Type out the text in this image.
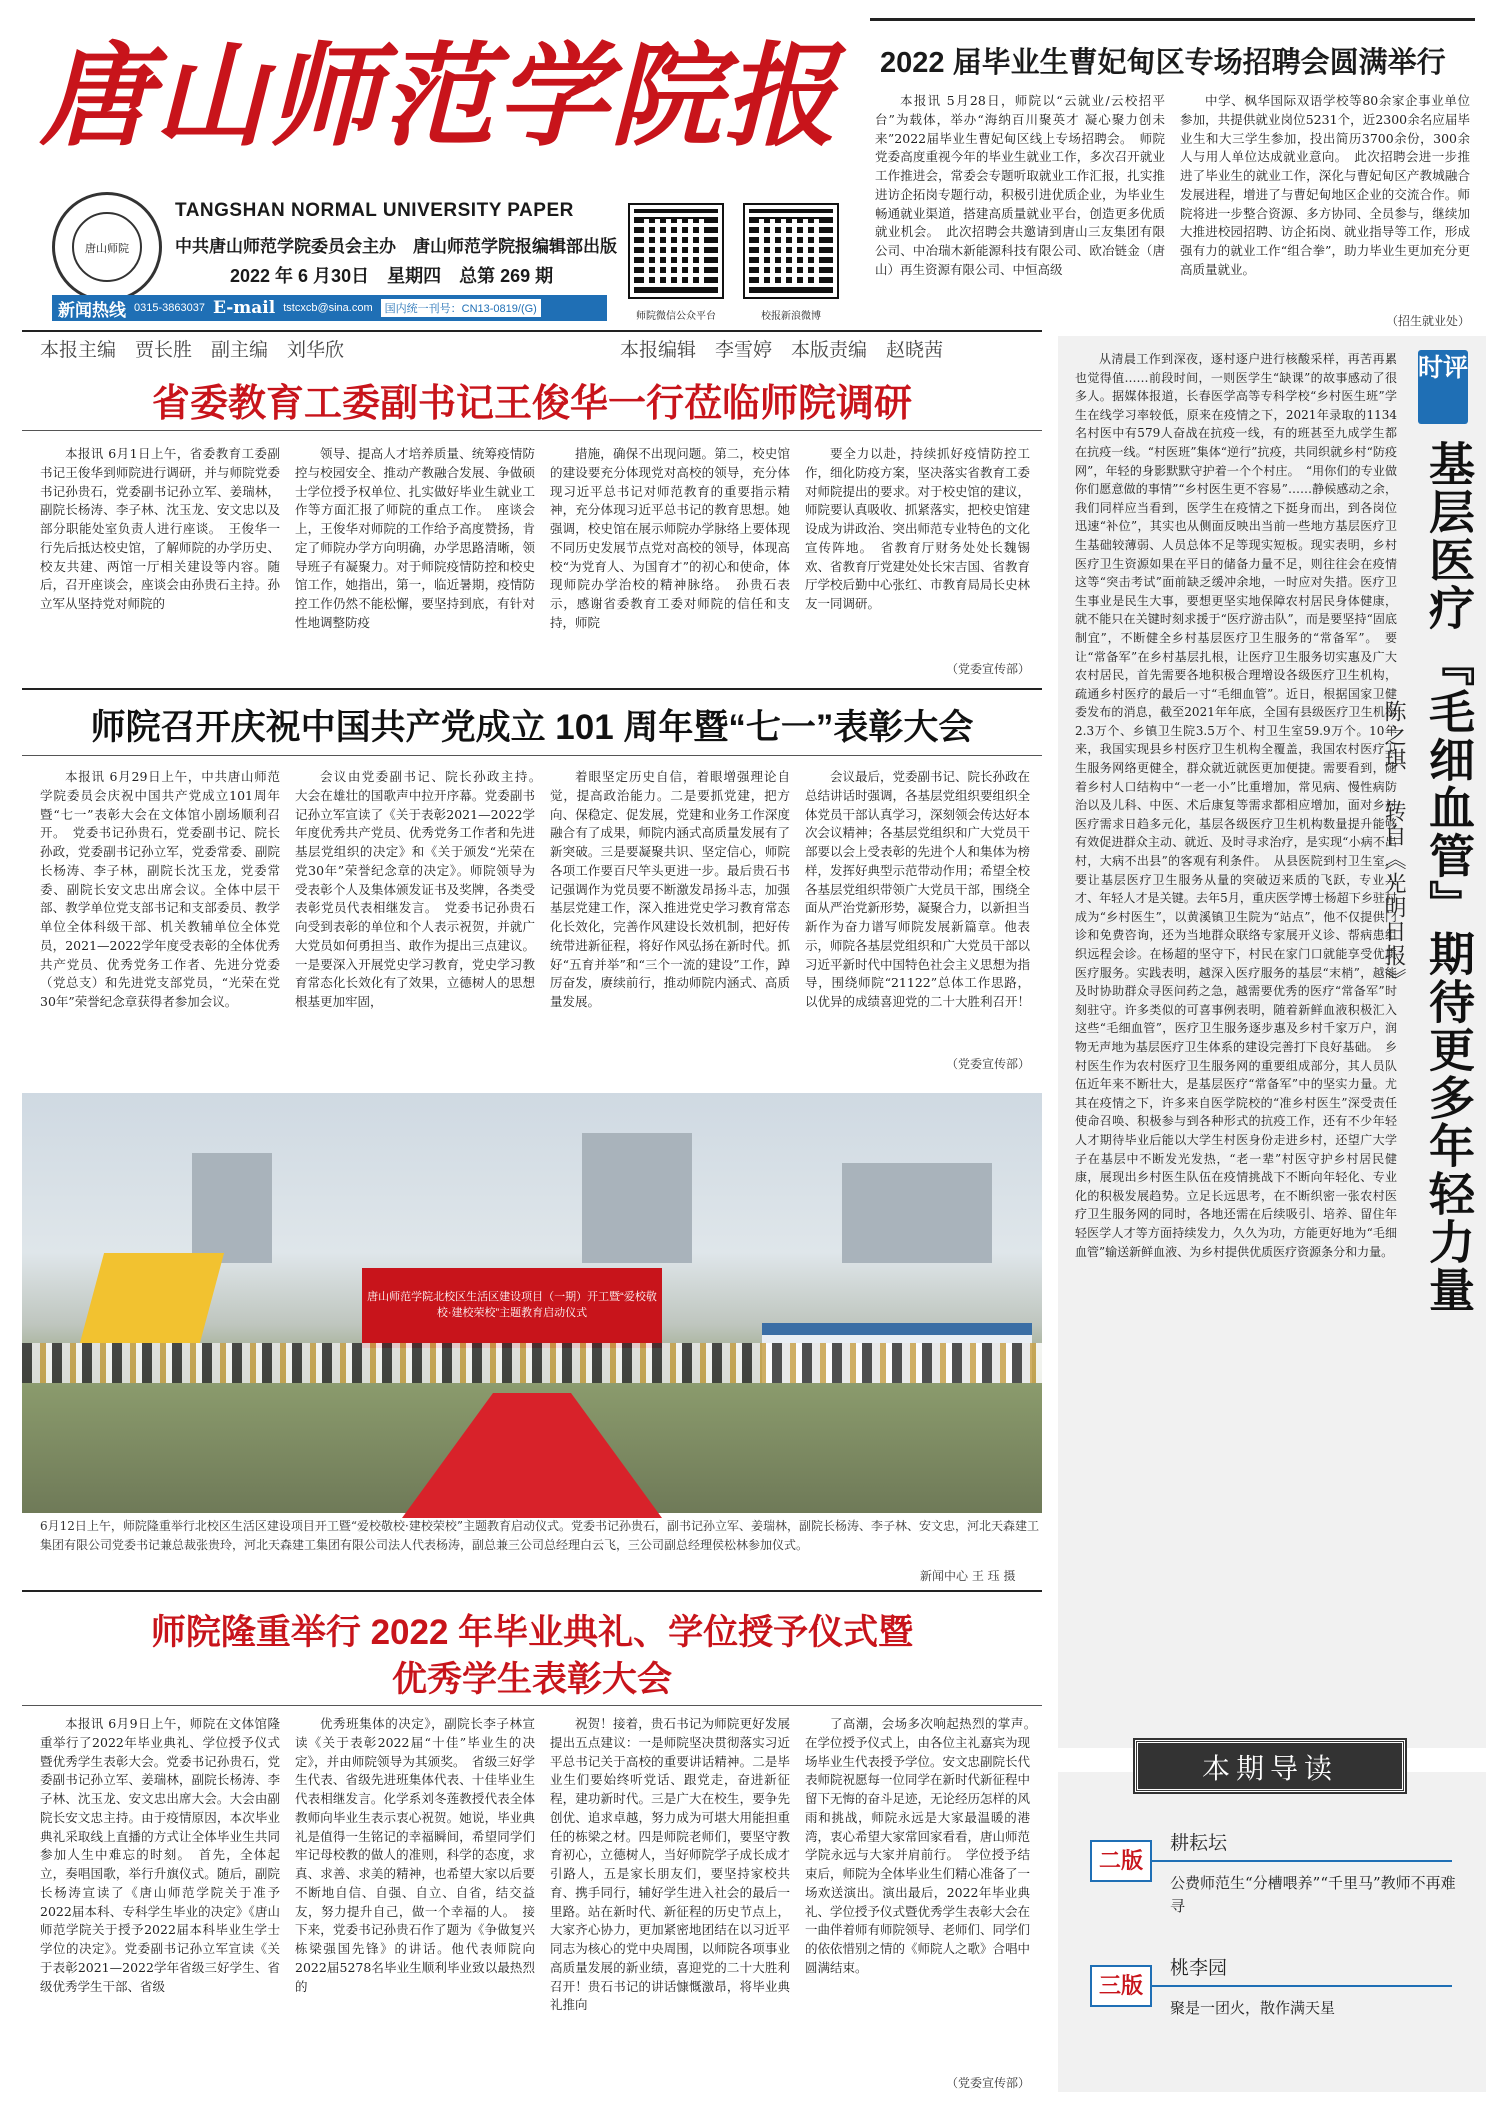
唐山师范学院报
唐山师院
TANGSHAN NORMAL UNIVERSITY PAPER
中共唐山师范学院委员会主办　唐山师范学院报编辑部出版
2022 年 6 月30日　星期四　总第 269 期
新闻热线 0315-3863037 E-mail tstcxcb@sina.com	国内统一刊号：CN13-0819/(G)
师院微信公众平台	校报新浪微博
2022 届毕业生曹妃甸区专场招聘会圆满举行

本报讯 5月28日，师院以“云就业/云校招平台”为载体，举办“海纳百川聚英才 凝心聚力创未来”2022届毕业生曹妃甸区线上专场招聘会。　师院党委高度重视今年的毕业生就业工作，多次召开就业工作推进会，常委会专题听取就业工作汇报，扎实推进访企拓岗专题行动，积极引进优质企业，为毕业生畅通就业渠道，搭建高质量就业平台，创造更多优质就业机会。　此次招聘会共邀请到唐山三友集团有限公司、中冶瑞木新能源科技有限公司、欧冶链金（唐山）再生资源有限公司、中恒高级

中学、枫华国际双语学校等80余家企事业单位参加，共提供就业岗位5231个，近2300余名应届毕业生和大三学生参加，投出简历3700余份，300余人与用人单位达成就业意向。　此次招聘会进一步推进了毕业生的就业工作，深化与曹妃甸区产教城融合发展进程，增进了与曹妃甸地区企业的交流合作。师院将进一步整合资源、多方协同、全员参与，继续加大推进校园招聘、访企拓岗、就业指导等工作，形成强有力的就业工作“组合拳”，助力毕业生更加充分更高质量就业。

（招生就业处）
本报主编　贾长胜　副主编　刘华欣	本报编辑　李雪婷　本版责编　赵晓茜
省委教育工委副书记王俊华一行莅临师院调研

本报讯 6月1日上午，省委教育工委副书记王俊华到师院进行调研，并与师院党委书记孙贵石，党委副书记孙立军、姜瑞林，副院长杨涛、李子林、沈玉龙、安文忠以及部分职能处室负责人进行座谈。　王俊华一行先后抵达校史馆，了解师院的办学历史、校友共建、两馆一厅相关建设等内容。随后，召开座谈会，座谈会由孙贵石主持。孙立军从坚持党对师院的

领导、提高人才培养质量、统筹疫情防控与校园安全、推动产教融合发展、争做硕士学位授予权单位、扎实做好毕业生就业工作等方面汇报了师院的重点工作。　座谈会上，王俊华对师院的工作给予高度赞扬，肯定了师院办学方向明确，办学思路清晰，领导班子有凝聚力。对于师院疫情防控和校史馆工作，她指出，第一，临近暑期，疫情防控工作仍然不能松懈，要坚持到底，有针对性地调整防疫

措施，确保不出现问题。第二，校史馆的建设要充分体现党对高校的领导，充分体现习近平总书记对师范教育的重要指示精神，充分体现习近平总书记的教育思想。她强调，校史馆在展示师院办学脉络上要体现不同历史发展节点党对高校的领导，体现高校“为党育人、为国育才”的初心和使命，体现师院办学治校的精神脉络。　孙贵石表示，感谢省委教育工委对师院的信任和支持，师院

要全力以赴，持续抓好疫情防控工作，细化防疫方案，坚决落实省教育工委对师院提出的要求。对于校史馆的建议，师院要认真吸收、抓紧落实，把校史馆建设成为讲政治、突出师范专业特色的文化宣传阵地。　省教育厅财务处处长魏锡欢、省教育厅党建处处长宋吉国、省教育厅学校后勤中心张红、市教育局局长史林友一同调研。

（党委宣传部）
师院召开庆祝中国共产党成立 101 周年暨“七一”表彰大会

本报讯 6月29日上午，中共唐山师范学院委员会庆祝中国共产党成立101周年暨“七一”表彰大会在文体馆小剧场顺利召开。　党委书记孙贵石，党委副书记、院长孙政，党委副书记孙立军，党委常委、副院长杨涛、李子林，副院长沈玉龙，党委常委、副院长安文忠出席会议。全体中层干部、教学单位党支部书记和支部委员、教学单位全体科级干部、机关教辅单位全体党员，2021—2022学年度受表彰的全体优秀共产党员、优秀党务工作者、先进分党委（党总支）和先进党支部党员，“光荣在党30年”荣誉纪念章获得者参加会议。

会议由党委副书记、院长孙政主持。　大会在雄壮的国歌声中拉开序幕。党委副书记孙立军宣读了《关于表彰2021—2022学年度优秀共产党员、优秀党务工作者和先进基层党组织的决定》和《关于颁发“光荣在党30年”荣誉纪念章的决定》。师院领导为受表彰个人及集体颁发证书及奖牌，各类受表彰党员代表相继发言。　党委书记孙贵石向受到表彰的单位和个人表示祝贺，并就广大党员如何勇担当、敢作为提出三点建议。一是要深入开展党史学习教育，党史学习教育常态化长效化有了效果，立德树人的思想根基更加牢固，

着眼坚定历史自信，着眼增强理论自觉，提高政治能力。二是要抓党建，把方向、保稳定、促发展，党建和业务工作深度融合有了成果，师院内涵式高质量发展有了新突破。三是要凝聚共识、坚定信心，师院各项工作要百尺竿头更进一步。最后贵石书记强调作为党员要不断激发昂扬斗志，加强基层党建工作，深入推进党史学习教育常态化长效化，完善作风建设长效机制，把好传统带进新征程，将好作风弘扬在新时代。抓好“五育并举”和“三个一流的建设”工作，踔厉奋发，赓续前行，推动师院内涵式、高质量发展。

会议最后，党委副书记、院长孙政在总结讲话时强调，各基层党组织要组织全体党员干部认真学习，深刻领会传达好本次会议精神；各基层党组织和广大党员干部要以会上受表彰的先进个人和集体为榜样，发挥好典型示范带动作用；希望全校各基层党组织带领广大党员干部，围绕全面从严治党新形势，凝聚合力，以新担当新作为奋力谱写师院发展新篇章。他表示，师院各基层党组织和广大党员干部以习近平新时代中国特色社会主义思想为指导，围绕师院“21122”总体工作思路，以优异的成绩喜迎党的二十大胜利召开！

（党委宣传部）
唐山师范学院北校区生活区建设项目（一期）开工暨“爱校敬校·建校荣校”主题教育启动仪式
6月12日上午，师院隆重举行北校区生活区建设项目开工暨“爱校敬校·建校荣校”主题教育启动仪式。党委书记孙贵石，副书记孙立军、姜瑞林，副院长杨涛、李子林、安文忠，河北天森建工集团有限公司党委书记兼总裁张贵玲，河北天森建工集团有限公司法人代表杨涛，副总兼三公司总经理白云飞，三公司副总经理侯松林参加仪式。
新闻中心 王 珏 摄
师院隆重举行 2022 年毕业典礼、学位授予仪式暨
优秀学生表彰大会

本报讯 6月9日上午，师院在文体馆隆重举行了2022年毕业典礼、学位授予仪式暨优秀学生表彰大会。党委书记孙贵石，党委副书记孙立军、姜瑞林，副院长杨涛、李子林、沈玉龙、安文忠出席大会。大会由副院长安文忠主持。由于疫情原因，本次毕业典礼采取线上直播的方式让全体毕业生共同参加人生中难忘的时刻。　首先，全体起立，奏唱国歌，举行升旗仪式。随后，副院长杨涛宣读了《唐山师范学院关于准予2022届本科、专科学生毕业的决定》《唐山师范学院关于授予2022届本科毕业生学士学位的决定》。党委副书记孙立军宣读《关于表彰2021—2022学年省级三好学生、省级优秀学生干部、省级

优秀班集体的决定》，副院长李子林宣读《关于表彰2022届“十佳”毕业生的决定》，并由师院领导为其颁奖。　省级三好学生代表、省级先进班集体代表、十佳毕业生代表相继发言。化学系刘冬莲教授代表全体教师向毕业生表示衷心祝贺。她说，毕业典礼是值得一生铭记的幸福瞬间，希望同学们牢记母校教的做人的准则，科学的态度，求真、求善、求美的精神，也希望大家以后要不断地自信、自强、自立、自省，结交益友，努力提升自己，做一个幸福的人。　接下来，党委书记孙贵石作了题为《争做复兴栋梁强国先锋》的讲话。他代表师院向2022届5278名毕业生顺利毕业致以最热烈的

祝贺！接着，贵石书记为师院更好发展提出五点建议：一是师院坚决贯彻落实习近平总书记关于高校的重要讲话精神。二是毕业生们要始终听党话、跟党走，奋进新征程，建功新时代。三是广大在校生，要争先创优、追求卓越，努力成为可堪大用能担重任的栋梁之材。四是师院老师们，要坚守教育初心，立德树人，当好师院学子成长成才引路人，五是家长朋友们，要坚持家校共育、携手同行，辅好学生进入社会的最后一里路。站在新时代、新征程的历史节点上，大家齐心协力，更加紧密地团结在以习近平同志为核心的党中央周围，以师院各项事业高质量发展的新业绩，喜迎党的二十大胜利召开！贵石书记的讲话慷慨激昂，将毕业典礼推向

了高潮，会场多次响起热烈的掌声。　在学位授予仪式上，由各位主礼嘉宾为现场毕业生代表授予学位。安文忠副院长代表师院祝愿每一位同学在新时代新征程中留下无悔的奋斗足迹，无论经历怎样的风雨和挑战，师院永远是大家最温暖的港湾，衷心希望大家常回家看看，唐山师范学院永远与大家并肩前行。　学位授予结束后，师院为全体毕业生们精心准备了一场欢送演出。演出最后，2022年毕业典礼、学位授予仪式暨优秀学生表彰大会在一曲伴着师有师院领导、老师们、同学们的依依惜别之情的《师院人之歌》合唱中圆满结束。

（党委宣传部）

从清晨工作到深夜，逐村逐户进行核酸采样，再苦再累也觉得值……前段时间，一则医学生“缺课”的故事感动了很多人。据媒体报道，长春医学高等专科学校“乡村医生班”学生在线学习率较低，原来在疫情之下，2021年录取的1134名村医中有579人奋战在抗疫一线，有的班甚至九成学生都在抗疫一线。“村医班”集体“逆行”抗疫，共同织就乡村“防疫网”，年轻的身影默默守护着一个个村庄。　“用你们的专业做你们愿意做的事情”“乡村医生更不容易”……静候感动之余，我们同样应当看到，医学生在疫情之下挺身而出，到各岗位迅速“补位”，其实也从侧面反映出当前一些地方基层医疗卫生基础较薄弱、人员总体不足等现实短板。现实表明，乡村医疗卫生资源如果在平日的储备力量不足，则往往会在疫情这等“突击考试”面前缺乏缓冲余地，一时应对失措。医疗卫生事业是民生大事，要想更坚实地保障农村居民身体健康，就不能只在关键时刻求援于“医疗游击队”，而是要坚持“固底制宜”，不断健全乡村基层医疗卫生服务的“常备军”。　要让“常备军”在乡村基层扎根，让医疗卫生服务切实惠及广大农村居民，首先需要各地积极合理增设各级医疗卫生机构，疏通乡村医疗的最后一寸“毛细血管”。近日，根据国家卫健委发布的消息，截至2021年年底，全国有县级医疗卫生机构2.3万个、乡镇卫生院3.5万个、村卫生室59.9万个。10年来，我国实现县乡村医疗卫生机构全覆盖，我国农村医疗卫生服务网络更健全，群众就近就医更加便捷。需要看到，随着乡村人口结构中“一老一小”比重增加，常见病、慢性病防治以及儿科、中医、术后康复等需求都相应增加，面对乡村医疗需求日趋多元化，基层各级医疗卫生机构数量提升能够有效促进群众主动、就近、及时寻求治疗，是实现“小病不出村，大病不出县”的客观有利条件。　从县医院到村卫生室，要让基层医疗卫生服务从量的突破迈来质的飞跃，专业人才、年轻人才是关键。去年5月，重庆医学博士杨超下乡驻村成为“乡村医生”，以黄溪镇卫生院为“站点”，他不仅提供门诊和免费咨询，还为当地群众联络专家展开义诊、帮病患组织远程会诊。在杨超的坚守下，村民在家门口就能享受优质医疗服务。实践表明，越深入医疗服务的基层“末梢”，越能及时协助群众寻医问药之急，越需要优秀的医疗“常备军”时刻驻守。许多类似的可喜事例表明，随着新鲜血液积极汇入这些“毛细血管”，医疗卫生服务逐步惠及乡村千家万户，润物无声地为基层医疗卫生体系的建设完善打下良好基础。　乡村医生作为农村医疗卫生服务网的重要组成部分，其人员队伍近年来不断壮大，是基层医疗“常备军”中的坚实力量。尤其在疫情之下，许多来自医学院校的“准乡村医生”深受责任使命召唤、积极参与到各种形式的抗疫工作，还有不少年轻人才期待毕业后能以大学生村医身份走进乡村，还望广大学子在基层中不断发光发热，“老一辈”村医守护乡村居民健康，展现出乡村医生队伍在疫情挑战下不断向年轻化、专业化的积极发展趋势。立足长远思考，在不断织密一张农村医疗卫生服务网的同时，各地还需在后续吸引、培养、留住年轻医学人才等方面持续发力，久久为功，方能更好地为“毛细血管”输送新鲜血液、为乡村提供优质医疗资源条分和力量。

时评
基层医疗
『毛细血管』
期待更多年轻力量
陈之琪
转自《光明日报》
本期导读
二版
耕耘坛
公费师范生“分槽喂养”“千里马”教师不再难寻
三版
桃李园
聚是一团火，散作满天星
